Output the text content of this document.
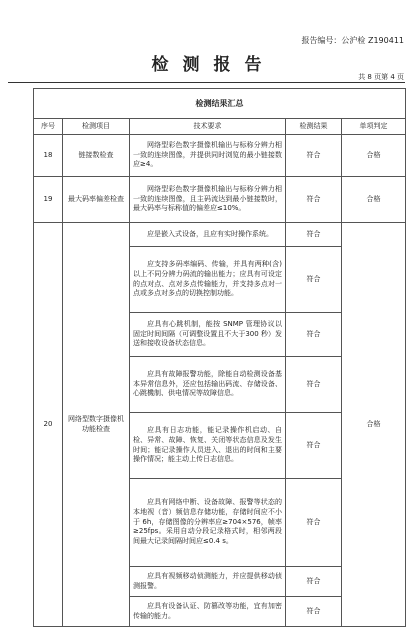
报告编号：公沪检 Z190411
检测报告
共 8 页第 4 页
检测结果汇总				
序号	检测项目	技术要求	检测结果	单项判定
18	链接数检查	网络型彩色数字摄像机输出与标称分辨力相一致的连续图像，并提供同时浏览的最小链接数应≥4。	符合	合格
19	最大码率偏差检查	网络型彩色数字摄像机输出与标称分辨力相一致的连续图像，且主码流达到最小链接数时，最大码率与标称值的偏差应≤10%。	符合	合格
20	网络型数字摄像机功能检查	应是嵌入式设备，且应有实时操作系统。	符合	合格
		应支持多码率编码、传输，并具有两种(含)以上不同分辨力码流的输出能力；应具有可设定的点对点、点对多点传输能力，并支持多点对一点或多点对多点的切换控制功能。	符合	
		应具有心跳机制，能按 SNMP 管理协议以固定时间间隔（可调整设置且不大于300 秒）发送和接收设备状态信息。	符合	
		应具有故障报警功能，除能自动检测设备基本异常信息外，还应包括输出码流、存储设备、心跳機制、供电情况等故障信息。	符合	
		应具有日志功能，能记录操作机启动、自检、异常、故障、恢复、关闭等状态信息及发生时间；能记录操作人员进入、退出的时间和主要操作情况；能主动上传日志信息。	符合	
		应具有网络中断、设备故障、报警等状态的本地视（音）频信息存储功能，存储时间应不小于 6h，存储图像的分辨率应≥704×576，帧率≥25fps。采用自动分段记录格式时，相邻两段间最大记录间隔时间应≤0.4 s。	符合	
		应具有视频移动侦测能力，并应提供移动侦测报警。	符合	
		应具有设备认证、防篡改等功能，宜有加密传输的能力。	符合	
